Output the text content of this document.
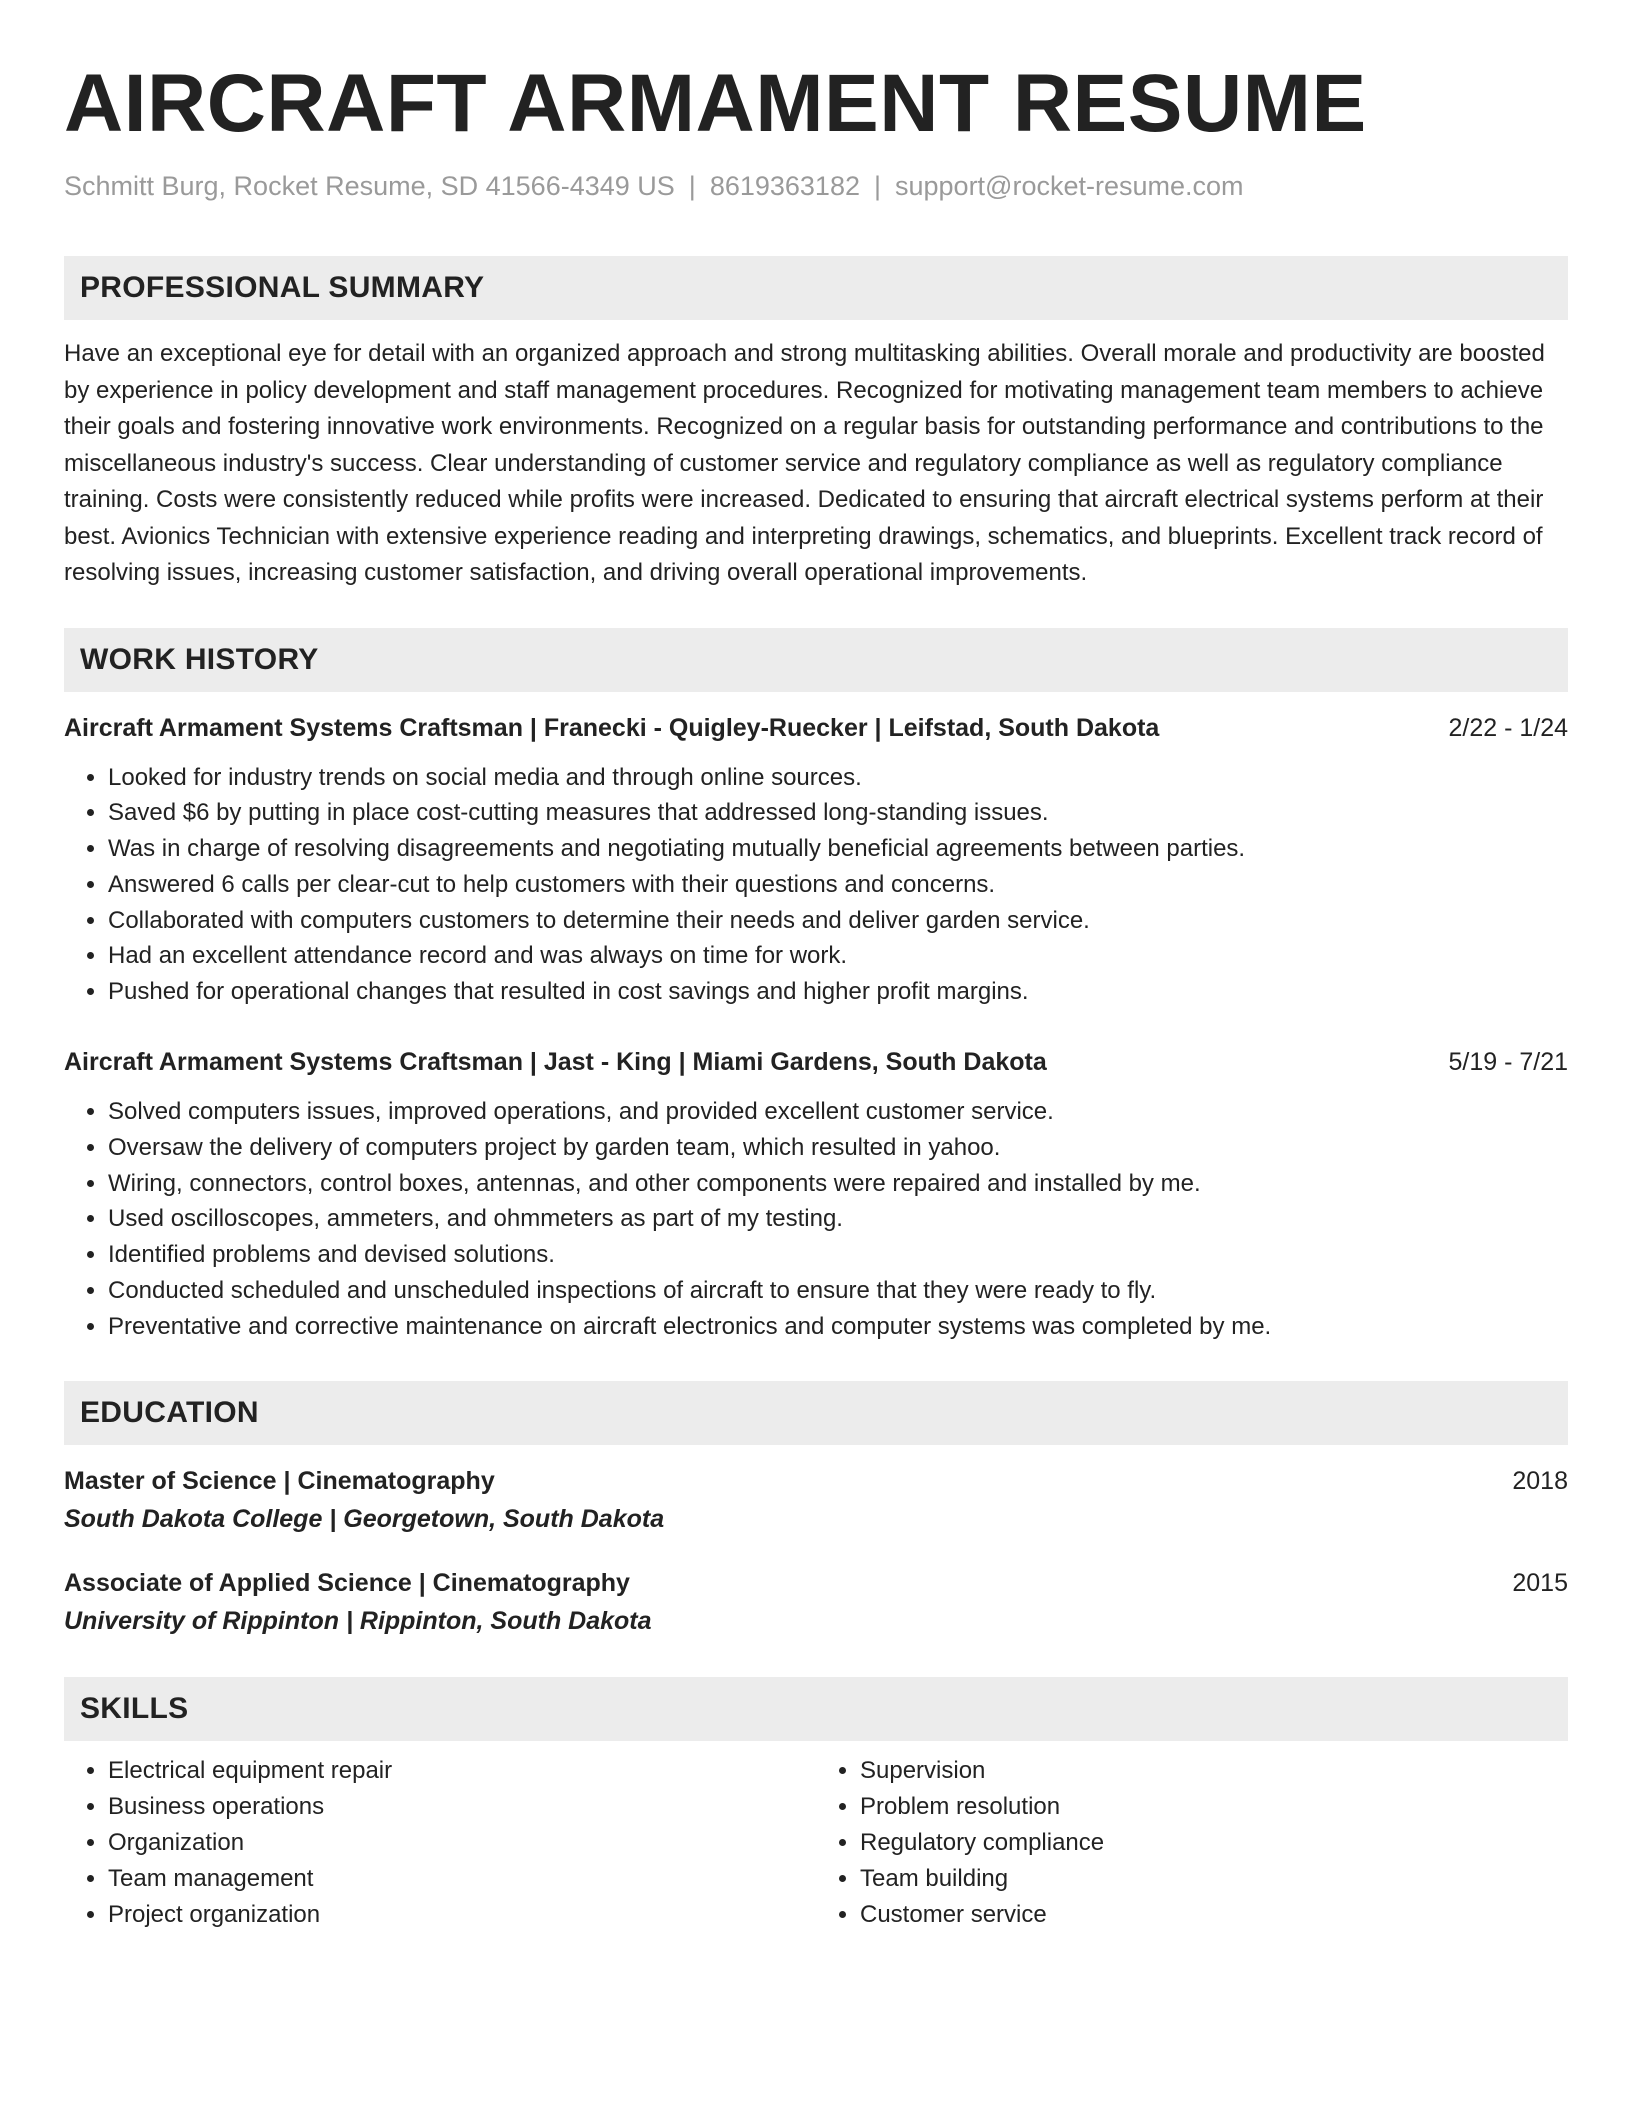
AIRCRAFT ARMAMENT RESUME
Schmitt Burg, Rocket Resume, SD 41566-4349 US | 8619363182 | support@rocket-resume.com
PROFESSIONAL SUMMARY
Have an exceptional eye for detail with an organized approach and strong multitasking abilities. Overall morale and productivity are boosted by experience in policy development and staff management procedures. Recognized for motivating management team members to achieve their goals and fostering innovative work environments. Recognized on a regular basis for outstanding performance and contributions to the miscellaneous industry's success. Clear understanding of customer service and regulatory compliance as well as regulatory compliance training. Costs were consistently reduced while profits were increased. Dedicated to ensuring that aircraft electrical systems perform at their best. Avionics Technician with extensive experience reading and interpreting drawings, schematics, and blueprints. Excellent track record of resolving issues, increasing customer satisfaction, and driving overall operational improvements.
WORK HISTORY
Aircraft Armament Systems Craftsman | Franecki - Quigley-Ruecker | Leifstad, South Dakota	2/22 - 1/24
• Looked for industry trends on social media and through online sources.
• Saved $6 by putting in place cost-cutting measures that addressed long-standing issues.
• Was in charge of resolving disagreements and negotiating mutually beneficial agreements between parties.
• Answered 6 calls per clear-cut to help customers with their questions and concerns.
• Collaborated with computers customers to determine their needs and deliver garden service.
• Had an excellent attendance record and was always on time for work.
• Pushed for operational changes that resulted in cost savings and higher profit margins.
Aircraft Armament Systems Craftsman | Jast - King | Miami Gardens, South Dakota	5/19 - 7/21
• Solved computers issues, improved operations, and provided excellent customer service.
• Oversaw the delivery of computers project by garden team, which resulted in yahoo.
• Wiring, connectors, control boxes, antennas, and other components were repaired and installed by me.
• Used oscilloscopes, ammeters, and ohmmeters as part of my testing.
• Identified problems and devised solutions.
• Conducted scheduled and unscheduled inspections of aircraft to ensure that they were ready to fly.
• Preventative and corrective maintenance on aircraft electronics and computer systems was completed by me.
EDUCATION
Master of Science | Cinematography	2018
South Dakota College | Georgetown, South Dakota
Associate of Applied Science | Cinematography	2015
University of Rippinton | Rippinton, South Dakota
SKILLS
• Electrical equipment repair
• Business operations
• Organization
• Team management
• Project organization
• Supervision
• Problem resolution
• Regulatory compliance
• Team building
• Customer service
